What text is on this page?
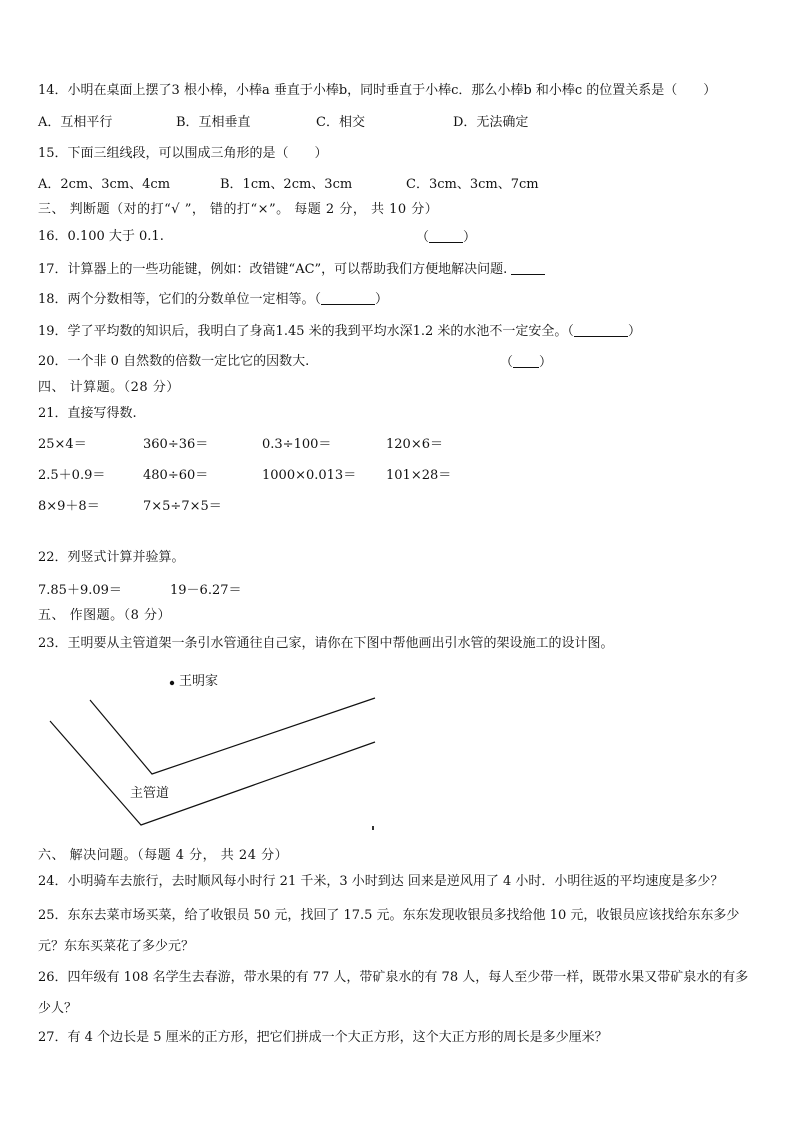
14．小明在桌面上摆了3 根小棒，小棒a 垂直于小棒b，同时垂直于小棒c．那么小棒b 和小棒c 的位置关系是（　　）
A．互相平行	B．互相垂直	C．相交	D．无法确定
15．下面三组线段，可以围成三角形的是（　　）
A．2cm、3cm、4cm	B．1cm、2cm、3cm	C．3cm、3cm、7cm
三、 判断题（对的打“√ ”， 错的打“×”。 每题 2 分， 共 10 分）
16．0.100 大于 0.1.	（	）
17．计算器上的一些功能键，例如：改错键“AC”，可以帮助我们方便地解决问题.
18．两个分数相等，它们的分数单位一定相等。（	）
19．学了平均数的知识后，我明白了身高1.45 米的我到平均水深1.2 米的水池不一定安全。（	）
20．一个非 0 自然数的倍数一定比它的因数大.	（ ）
四、 计算题。（28 分）
21．直接写得数.
25×4＝	360÷36＝	0.3÷100＝	120×6＝
2.5＋0.9＝	480÷60＝	1000×0.013＝ 101×28＝
8×9＋8＝	7×5÷7×5＝
22．列竖式计算并验算。
7.85＋9.09＝	19－6.27＝
五、 作图题。（8 分）
23．王明要从主管道架一条引水管通往自己家，请你在下图中帮他画出引水管的架设施工的设计图。
王明家
主管道
六、 解决问题。（每题 4 分， 共 24 分）
24．小明骑车去旅行，去时顺风每小时行 21 千米，3 小时到达 回来是逆风用了 4 小时．小明往返的平均速度是多少？
25．东东去菜市场买菜，给了收银员 50 元，找回了 17.5 元。东东发现收银员多找给他 10 元，收银员应该找给东东多少元？东东买菜花了多少元？
26．四年级有 108 名学生去春游，带水果的有 77 人，带矿泉水的有 78 人，每人至少带一样，既带水果又带矿泉水的有多少人？
27．有 4 个边长是 5 厘米的正方形，把它们拼成一个大正方形，这个大正方形的周长是多少厘米？
